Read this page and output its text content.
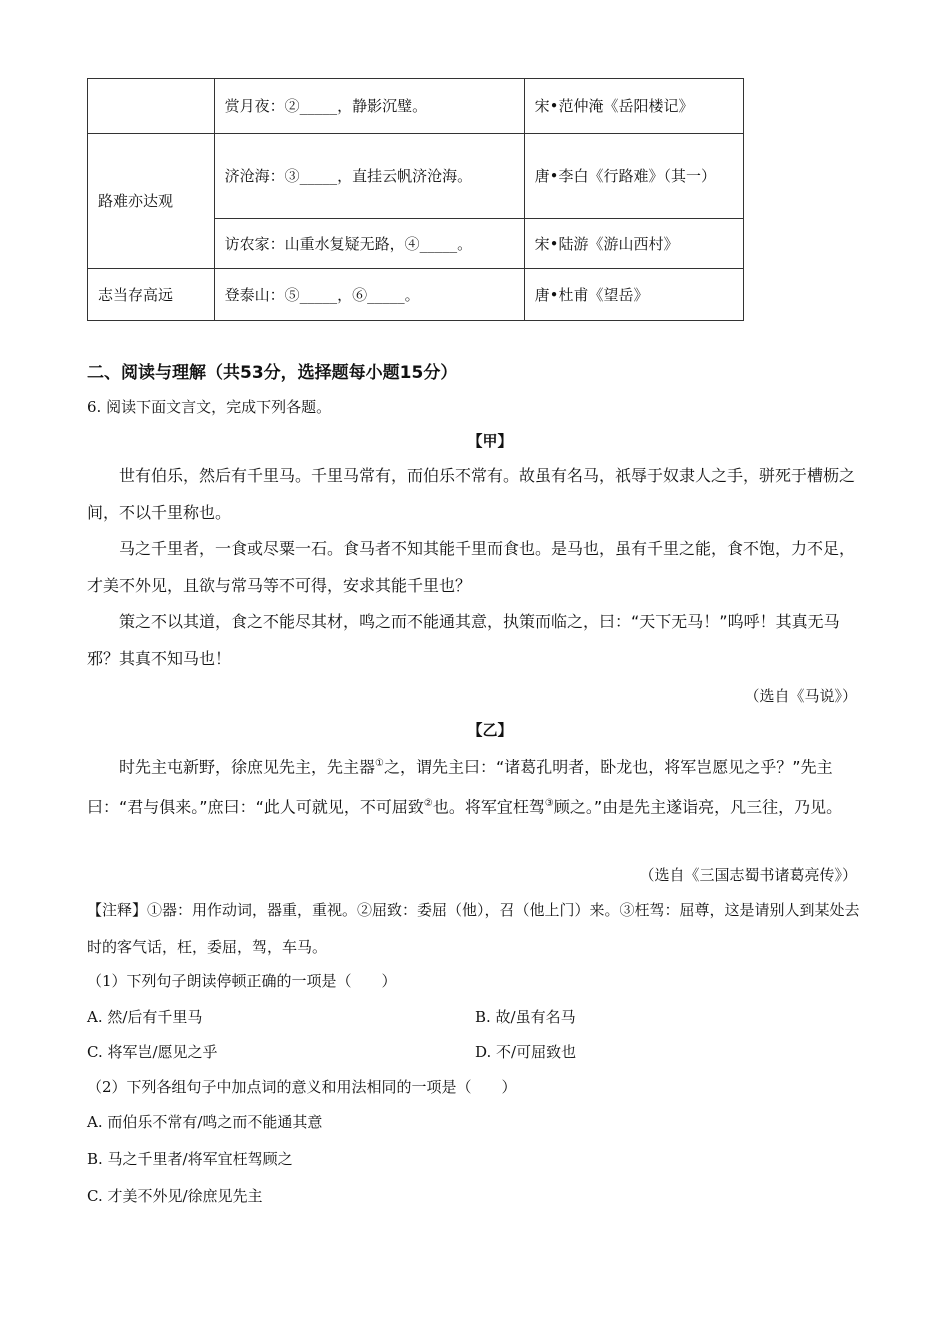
	赏月夜：②_____，静影沉璧。	宋•范仲淹《岳阳楼记》
路难亦达观	济沧海：③_____，直挂云帆济沧海。	唐•李白《行路难》（其一）
	访农家：山重水复疑无路，④_____。	宋•陆游《游山西村》
志当存高远	登泰山：⑤_____，⑥_____。	唐•杜甫《望岳》
二、阅读与理解（共53分，选择题每小题15分）
6. 阅读下面文言文，完成下列各题。
【甲】
世有伯乐，然后有千里马。千里马常有，而伯乐不常有。故虽有名马，祇辱于奴隶人之手，骈死于槽枥之间，不以千里称也。
马之千里者，一食或尽粟一石。食马者不知其能千里而食也。是马也，虽有千里之能，食不饱，力不足，才美不外见，且欲与常马等不可得，安求其能千里也？
策之不以其道，食之不能尽其材，鸣之而不能通其意，执策而临之，曰：“天下无马！”呜呼！其真无马邪？其真不知马也！
（选自《马说》）
【乙】
时先主屯新野，徐庶见先主，先主器①之，谓先主曰：“诸葛孔明者，卧龙也，将军岂愿见之乎？”先主曰：“君与俱来。”庶曰：“此人可就见，不可屈致②也。将军宜枉驾③顾之。”由是先主遂诣亮，凡三往，乃见。
（选自《三国志蜀书诸葛亮传》）
【注释】①器：用作动词，器重，重视。②屈致：委屈（他），召（他上门）来。③枉驾：屈尊，这是请别人到某处去时的客气话，枉，委屈，驾，车马。
（1）下列句子朗读停顿正确的一项是（　　）
A. 然/后有千里马	B. 故/虽有名马
C. 将军岂/愿见之乎	D. 不/可屈致也
（2）下列各组句子中加点词的意义和用法相同的一项是（　　）
A. 而伯乐不常有/鸣之而不能通其意
B. 马之千里者/将军宜枉驾顾之
C. 才美不外见/徐庶见先主
